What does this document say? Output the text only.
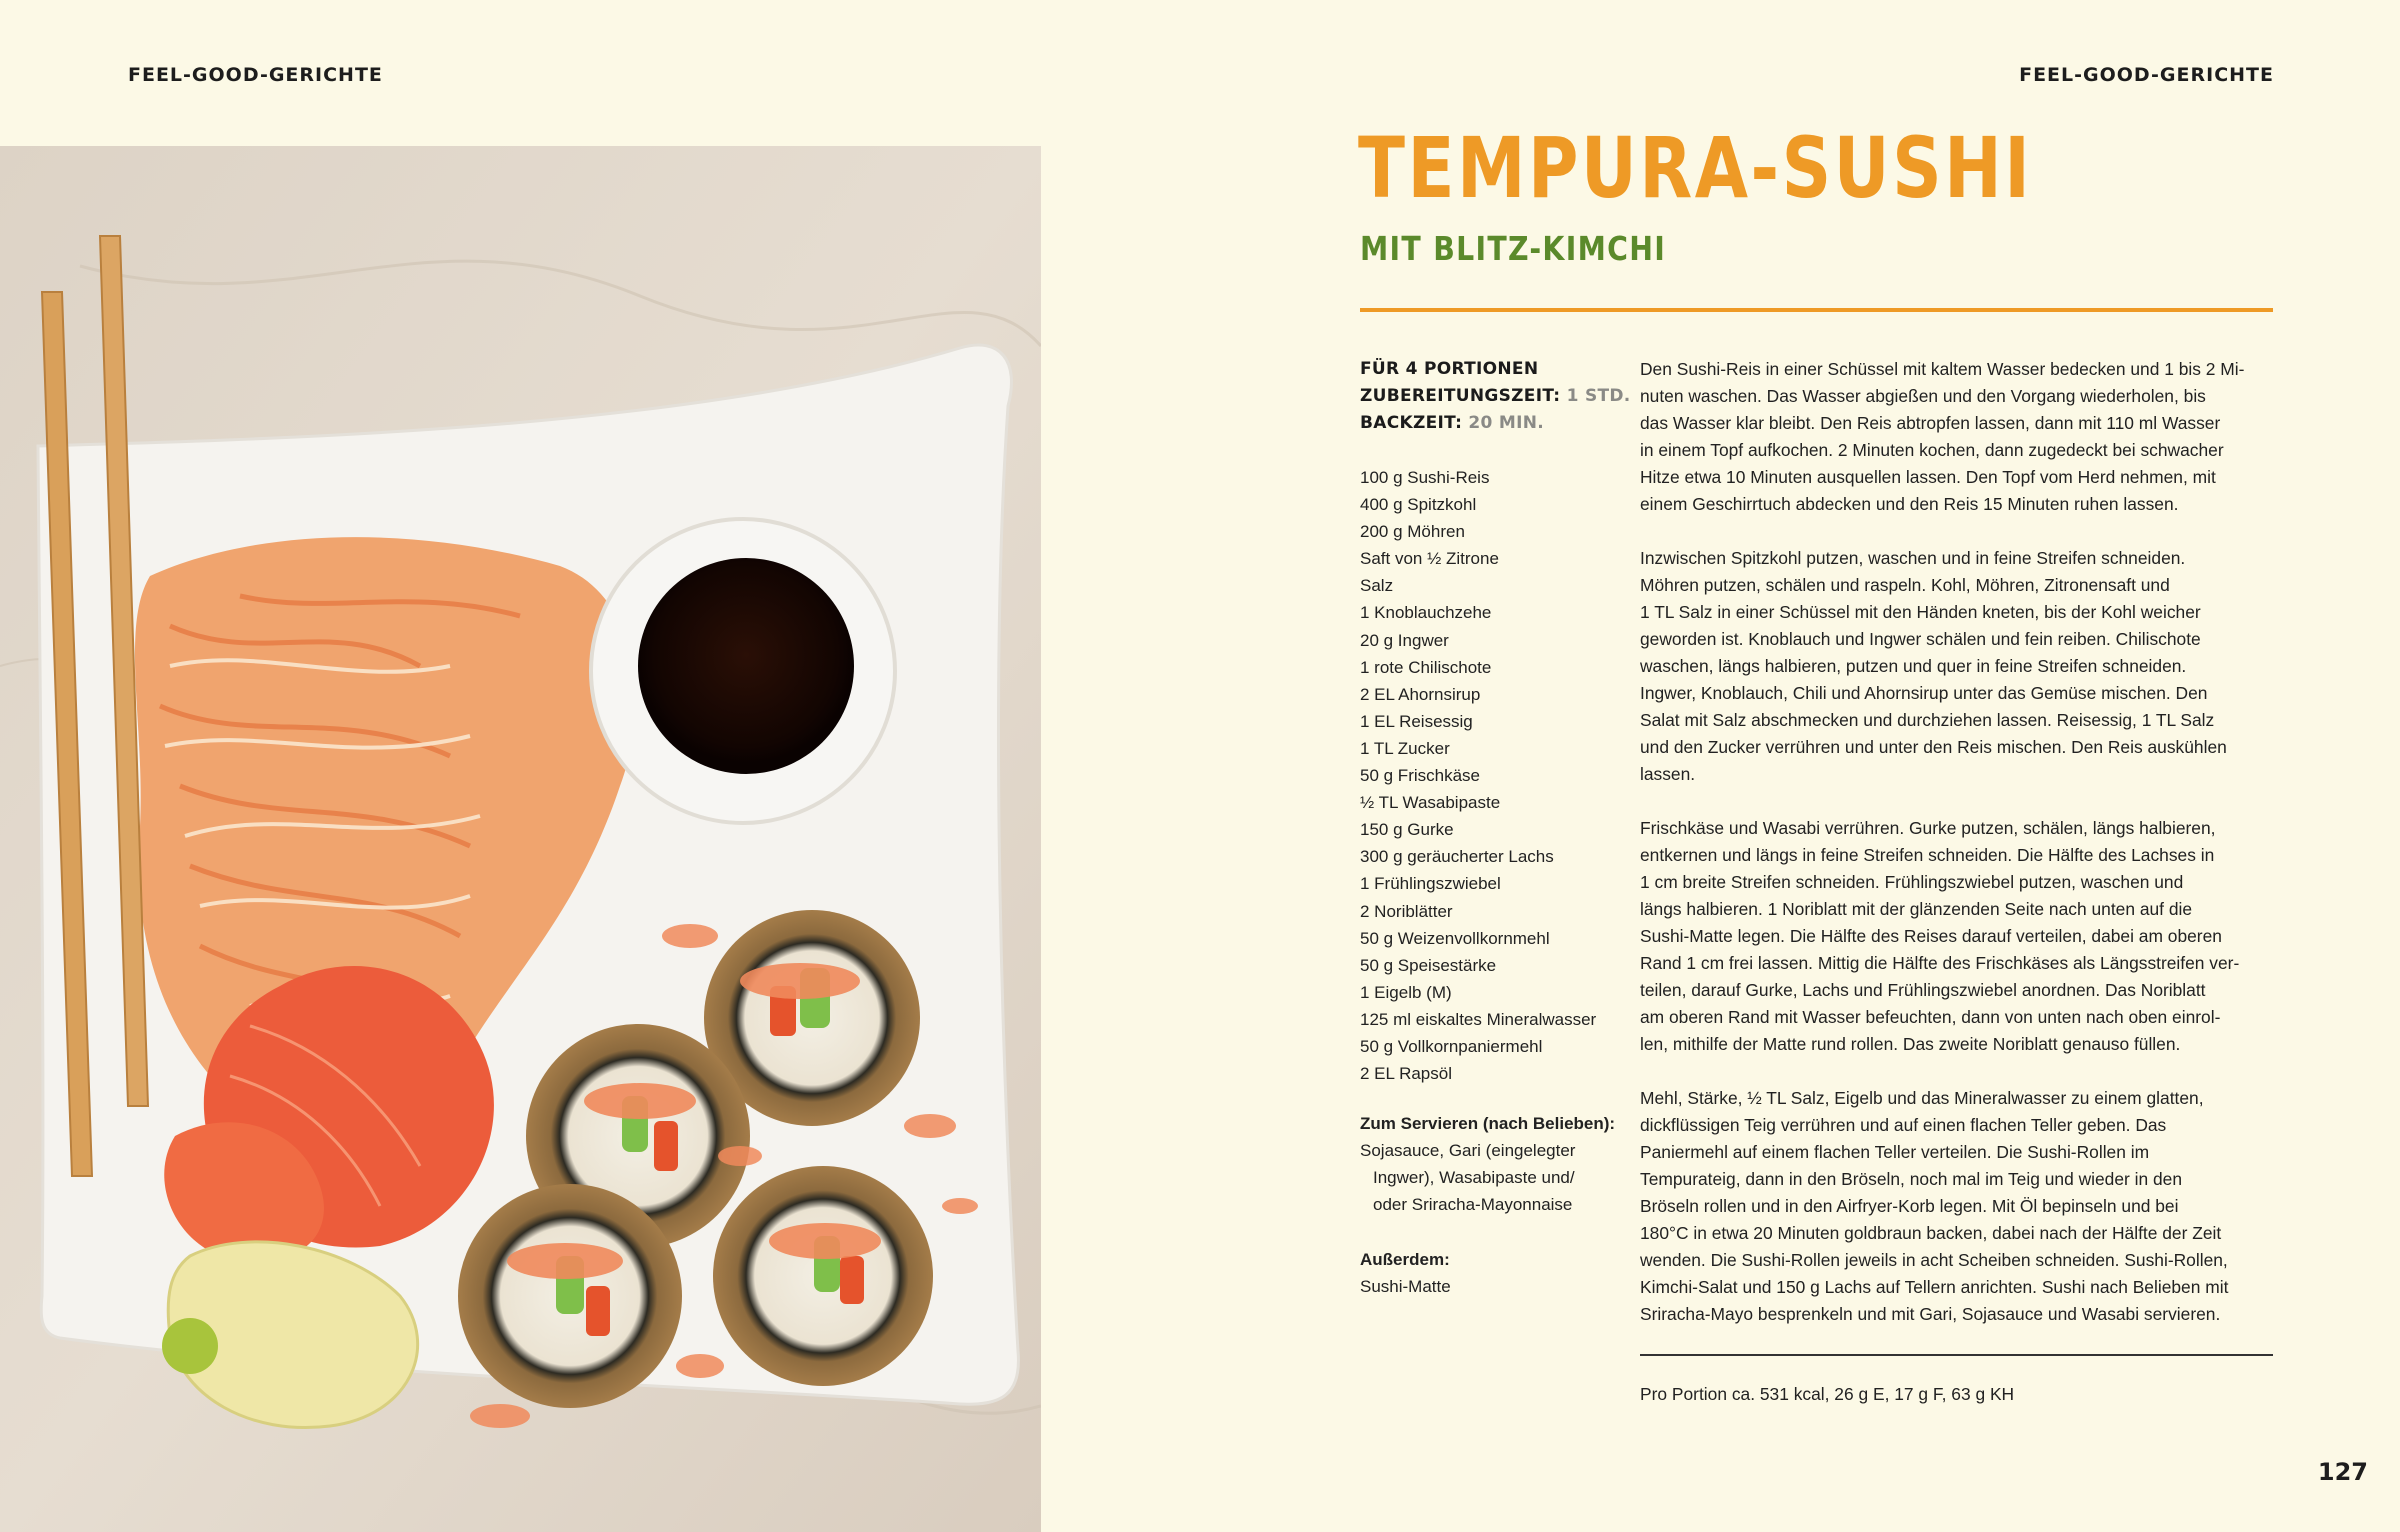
FEEL-GOOD-GERICHTE	FEEL-GOOD-GERICHTE
TEMPURA-SUSHI
MIT BLITZ-KIMCHI
FÜR 4 PORTIONEN
ZUBEREITUNGSZEIT: 1 STD.
BACKZEIT: 20 MIN.
100 g Sushi-Reis
400 g Spitzkohl
200 g Möhren
Saft von ½ Zitrone
Salz
1 Knoblauchzehe
20 g Ingwer
1 rote Chilischote
2 EL Ahornsirup
1 EL Reisessig
1 TL Zucker
50 g Frischkäse
½ TL Wasabipaste
150 g Gurke
300 g geräucherter Lachs
1 Frühlingszwiebel
2 Noriblätter
50 g Weizenvollkornmehl
50 g Speisestärke
1 Eigelb (M)
125 ml eiskaltes Mineralwasser
50 g Vollkornpaniermehl
2 EL Rapsöl
Zum Servieren (nach Belieben):
Sojasauce, Gari (eingelegter
Ingwer), Wasabipaste und/
oder Sriracha-Mayonnaise
Außerdem:
Sushi-Matte
Den Sushi-Reis in einer Schüssel mit kaltem Wasser bedecken und 1 bis 2 Mi-
nuten waschen. Das Wasser abgießen und den Vorgang wiederholen, bis
das Wasser klar bleibt. Den Reis abtropfen lassen, dann mit 110 ml Wasser
in einem Topf aufkochen. 2 Minuten kochen, dann zugedeckt bei schwacher
Hitze etwa 10 Minuten ausquellen lassen. Den Topf vom Herd nehmen, mit
einem Geschirrtuch abdecken und den Reis 15 Minuten ruhen lassen.
Inzwischen Spitzkohl putzen, waschen und in feine Streifen schneiden.
Möhren putzen, schälen und raspeln. Kohl, Möhren, Zitronensaft und
1 TL Salz in einer Schüssel mit den Händen kneten, bis der Kohl weicher
geworden ist. Knoblauch und Ingwer schälen und fein reiben. Chilischote
waschen, längs halbieren, putzen und quer in feine Streifen schneiden.
Ingwer, Knoblauch, Chili und Ahornsirup unter das Gemüse mischen. Den
Salat mit Salz abschmecken und durchziehen lassen. Reisessig, 1 TL Salz
und den Zucker verrühren und unter den Reis mischen. Den Reis auskühlen
lassen.
Frischkäse und Wasabi verrühren. Gurke putzen, schälen, längs halbieren,
entkernen und längs in feine Streifen schneiden. Die Hälfte des Lachses in
1 cm breite Streifen schneiden. Frühlingszwiebel putzen, waschen und
längs halbieren. 1 Noriblatt mit der glänzenden Seite nach unten auf die
Sushi-Matte legen. Die Hälfte des Reises darauf verteilen, dabei am oberen
Rand 1 cm frei lassen. Mittig die Hälfte des Frischkäses als Längsstreifen ver-
teilen, darauf Gurke, Lachs und Frühlingszwiebel anordnen. Das Noriblatt
am oberen Rand mit Wasser befeuchten, dann von unten nach oben einrol-
len, mithilfe der Matte rund rollen. Das zweite Noriblatt genauso füllen.
Mehl, Stärke, ½ TL Salz, Eigelb und das Mineralwasser zu einem glatten,
dickflüssigen Teig verrühren und auf einen flachen Teller geben. Das
Paniermehl auf einem flachen Teller verteilen. Die Sushi-Rollen im
Tempurateig, dann in den Bröseln, noch mal im Teig und wieder in den
Bröseln rollen und in den Airfryer-Korb legen. Mit Öl bepinseln und bei
180°C in etwa 20 Minuten goldbraun backen, dabei nach der Hälfte der Zeit
wenden. Die Sushi-Rollen jeweils in acht Scheiben schneiden. Sushi-Rollen,
Kimchi-Salat und 150 g Lachs auf Tellern anrichten. Sushi nach Belieben mit
Sriracha-Mayo besprenkeln und mit Gari, Sojasauce und Wasabi servieren.
Pro Portion ca. 531 kcal, 26 g E, 17 g F, 63 g KH
127
